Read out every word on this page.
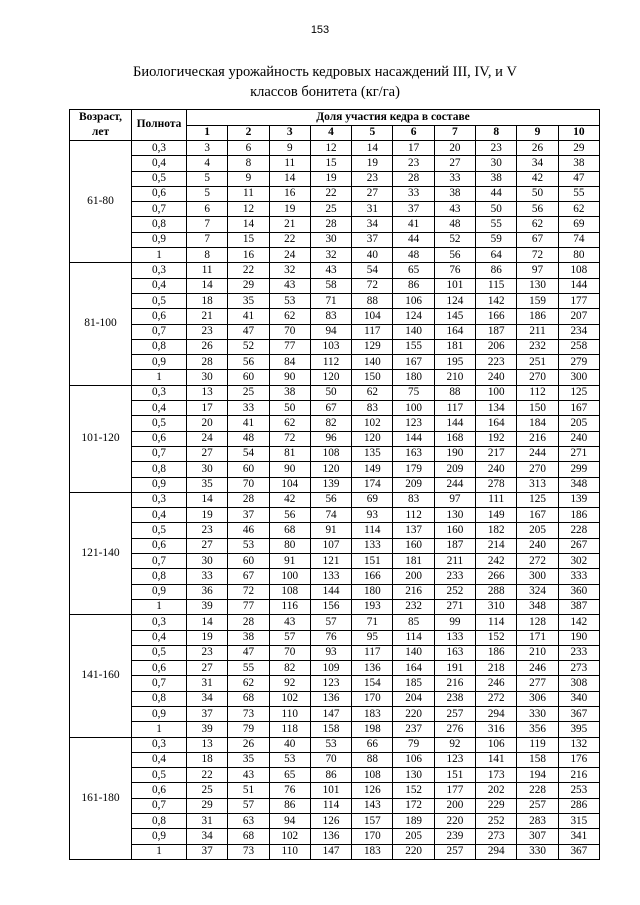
153
Биологическая урожайность кедровых насаждений III, IV, и V
классов бонитета (кг/га)
Возраст,
лет	Полнота	Доля участия кедра в составе									
		1	2	3	4	5	6	7	8	9	10
61-80	0,3	3	6	9	12	14	17	20	23	26	29
	0,4	4	8	11	15	19	23	27	30	34	38
	0,5	5	9	14	19	23	28	33	38	42	47
	0,6	5	11	16	22	27	33	38	44	50	55
	0,7	6	12	19	25	31	37	43	50	56	62
	0,8	7	14	21	28	34	41	48	55	62	69
	0,9	7	15	22	30	37	44	52	59	67	74
	1	8	16	24	32	40	48	56	64	72	80
81-100	0,3	11	22	32	43	54	65	76	86	97	108
	0,4	14	29	43	58	72	86	101	115	130	144
	0,5	18	35	53	71	88	106	124	142	159	177
	0,6	21	41	62	83	104	124	145	166	186	207
	0,7	23	47	70	94	117	140	164	187	211	234
	0,8	26	52	77	103	129	155	181	206	232	258
	0,9	28	56	84	112	140	167	195	223	251	279
	1	30	60	90	120	150	180	210	240	270	300
101-120	0,3	13	25	38	50	62	75	88	100	112	125
	0,4	17	33	50	67	83	100	117	134	150	167
	0,5	20	41	62	82	102	123	144	164	184	205
	0,6	24	48	72	96	120	144	168	192	216	240
	0,7	27	54	81	108	135	163	190	217	244	271
	0,8	30	60	90	120	149	179	209	240	270	299
	0,9	35	70	104	139	174	209	244	278	313	348
121-140	0,3	14	28	42	56	69	83	97	111	125	139
	0,4	19	37	56	74	93	112	130	149	167	186
	0,5	23	46	68	91	114	137	160	182	205	228
	0,6	27	53	80	107	133	160	187	214	240	267
	0,7	30	60	91	121	151	181	211	242	272	302
	0,8	33	67	100	133	166	200	233	266	300	333
	0,9	36	72	108	144	180	216	252	288	324	360
	1	39	77	116	156	193	232	271	310	348	387
141-160	0,3	14	28	43	57	71	85	99	114	128	142
	0,4	19	38	57	76	95	114	133	152	171	190
	0,5	23	47	70	93	117	140	163	186	210	233
	0,6	27	55	82	109	136	164	191	218	246	273
	0,7	31	62	92	123	154	185	216	246	277	308
	0,8	34	68	102	136	170	204	238	272	306	340
	0,9	37	73	110	147	183	220	257	294	330	367
	1	39	79	118	158	198	237	276	316	356	395
161-180	0,3	13	26	40	53	66	79	92	106	119	132
	0,4	18	35	53	70	88	106	123	141	158	176
	0,5	22	43	65	86	108	130	151	173	194	216
	0,6	25	51	76	101	126	152	177	202	228	253
	0,7	29	57	86	114	143	172	200	229	257	286
	0,8	31	63	94	126	157	189	220	252	283	315
	0,9	34	68	102	136	170	205	239	273	307	341
	1	37	73	110	147	183	220	257	294	330	367
